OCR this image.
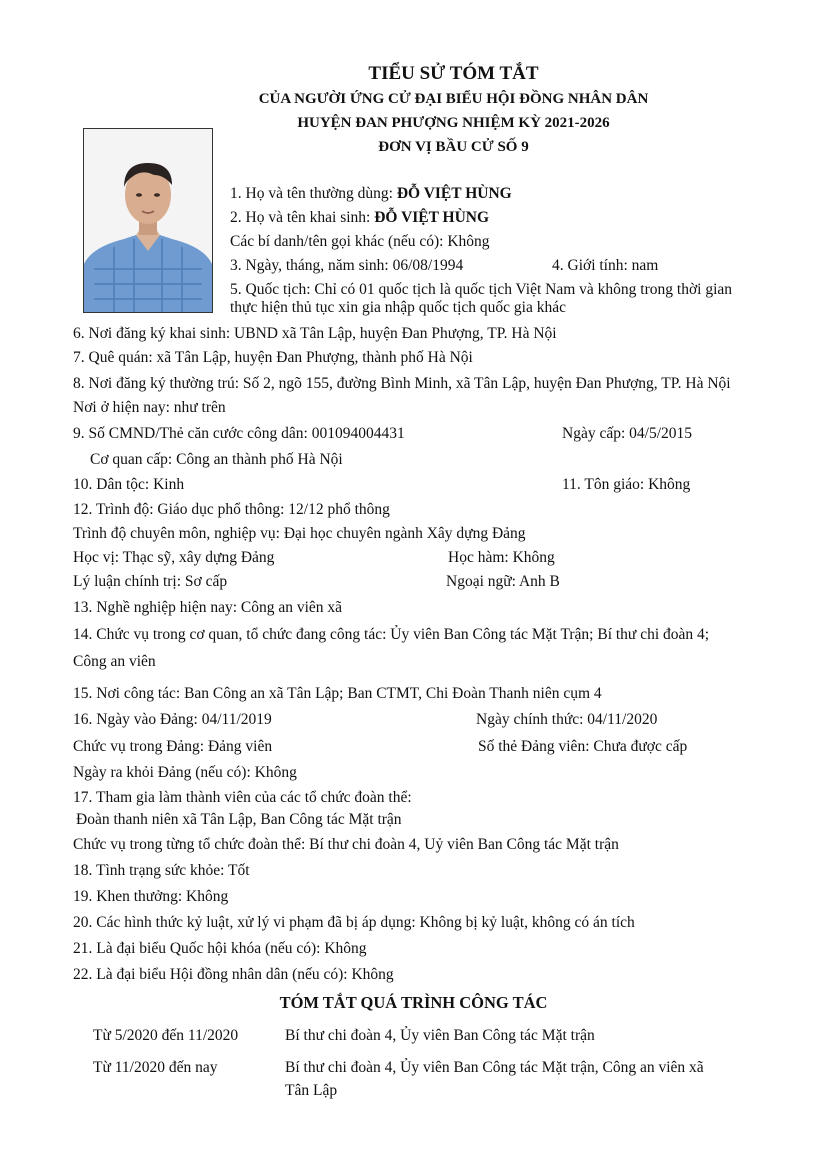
TIỂU SỬ TÓM TẮT
CỦA NGƯỜI ỨNG CỬ ĐẠI BIỂU HỘI ĐỒNG NHÂN DÂN
HUYỆN ĐAN PHƯỢNG NHIỆM KỲ 2021-2026
ĐƠN VỊ BẦU CỬ SỐ 9
1. Họ và tên thường dùng: ĐỖ VIỆT HÙNG
2. Họ và tên khai sinh: ĐỖ VIỆT HÙNG
Các bí danh/tên gọi khác (nếu có): Không
3. Ngày, tháng, năm sinh: 06/08/1994	4. Giới tính: nam
5. Quốc tịch: Chỉ có 01 quốc tịch là quốc tịch Việt Nam và không trong thời gian
thực hiện thủ tục xin gia nhập quốc tịch quốc gia khác
6. Nơi đăng ký khai sinh: UBND xã Tân Lập, huyện Đan Phượng, TP. Hà Nội
7. Quê quán: xã Tân Lập, huyện Đan Phượng, thành phố Hà Nội
8. Nơi đăng ký thường trú: Số 2, ngõ 155, đường Bình Minh, xã Tân Lập, huyện Đan Phượng, TP. Hà Nội
Nơi ở hiện nay: như trên
9. Số CMND/Thẻ căn cước công dân: 001094004431	Ngày cấp: 04/5/2015
Cơ quan cấp: Công an thành phố Hà Nội
10. Dân tộc: Kinh	11. Tôn giáo: Không
12. Trình độ: Giáo dục phổ thông: 12/12 phổ thông
Trình độ chuyên môn, nghiệp vụ: Đại học chuyên ngành Xây dựng Đảng
Học vị: Thạc sỹ, xây dựng Đảng	Học hàm: Không
Lý luận chính trị: Sơ cấp	Ngoại ngữ: Anh B
13. Nghề nghiệp hiện nay: Công an viên xã
14. Chức vụ trong cơ quan, tổ chức đang công tác: Ủy viên Ban Công tác Mặt Trận; Bí thư chi đoàn 4;
Công an viên
15. Nơi công tác: Ban Công an xã Tân Lập; Ban CTMT, Chi Đoàn Thanh niên cụm 4
16. Ngày vào Đảng: 04/11/2019	Ngày chính thức: 04/11/2020
Chức vụ trong Đảng: Đảng viên	Số thẻ Đảng viên: Chưa được cấp
Ngày ra khỏi Đảng (nếu có): Không
17. Tham gia làm thành viên của các tổ chức đoàn thể:
Đoàn thanh niên xã Tân Lập, Ban Công tác Mặt trận
Chức vụ trong từng tổ chức đoàn thể: Bí thư chi đoàn 4, Uỷ viên Ban Công tác Mặt trận
18. Tình trạng sức khỏe: Tốt
19. Khen thưởng: Không
20. Các hình thức kỷ luật, xử lý vi phạm đã bị áp dụng: Không bị kỷ luật, không có án tích
21. Là đại biểu Quốc hội khóa (nếu có): Không
22. Là đại biểu Hội đồng nhân dân (nếu có): Không
TÓM TẮT QUÁ TRÌNH CÔNG TÁC
Từ 5/2020 đến 11/2020	Bí thư chi đoàn 4, Ủy viên Ban Công tác Mặt trận
Từ 11/2020 đến nay	Bí thư chi đoàn 4, Ủy viên Ban Công tác Mặt trận, Công an viên xã
Tân Lập
